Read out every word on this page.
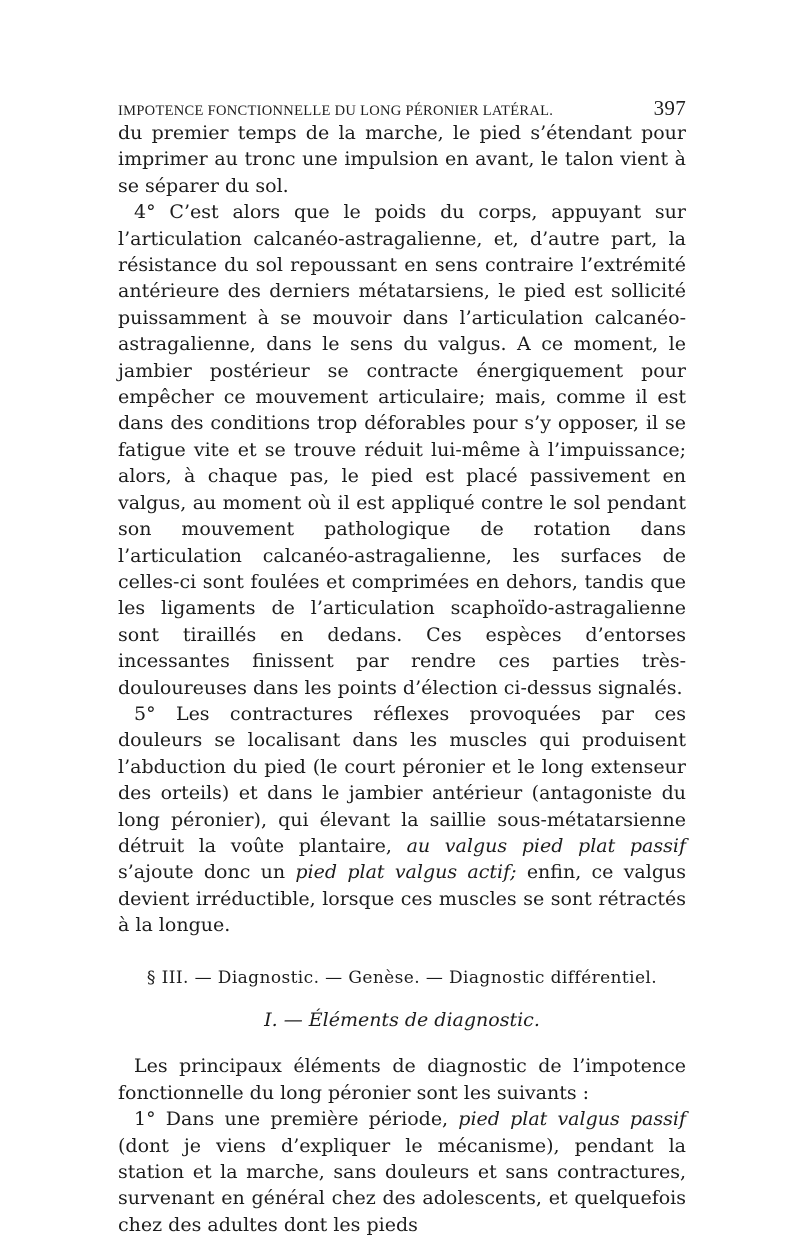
IMPOTENCE FONCTIONNELLE DU LONG PÉRONIER LATÉRAL.	397

du premier temps de la marche, le pied s’étendant pour imprimer au tronc une impulsion en avant, le talon vient à se séparer du sol.

4° C’est alors que le poids du corps, appuyant sur l’articulation calcanéo-astragalienne, et, d’autre part, la résistance du sol repoussant en sens contraire l’extrémité antérieure des derniers métatarsiens, le pied est sollicité puissamment à se mouvoir dans l’articulation calcanéo-astragalienne, dans le sens du valgus. A ce moment, le jambier postérieur se contracte énergiquement pour empêcher ce mouvement articulaire; mais, comme il est dans des conditions trop déforables pour s’y opposer, il se fatigue vite et se trouve réduit lui-même à l’impuissance; alors, à chaque pas, le pied est placé passivement en valgus, au moment où il est appliqué contre le sol pendant son mouvement pathologique de rotation dans l’articulation calcanéo-astragalienne, les surfaces de celles-ci sont foulées et comprimées en dehors, tandis que les ligaments de l’articulation scaphoïdo-astragalienne sont tiraillés en dedans. Ces espèces d’entorses incessantes finissent par rendre ces parties très-douloureuses dans les points d’élection ci-dessus signalés.

5° Les contractures réflexes provoquées par ces douleurs se localisant dans les muscles qui produisent l’abduction du pied (le court péronier et le long extenseur des orteils) et dans le jambier antérieur (antagoniste du long péronier), qui élevant la saillie sous-métatarsienne détruit la voûte plantaire, au valgus pied plat passif s’ajoute donc un pied plat valgus actif; enfin, ce valgus devient irréductible, lorsque ces muscles se sont rétractés à la longue.

§ III. — Diagnostic. — Genèse. — Diagnostic différentiel.
I. — Éléments de diagnostic.

Les principaux éléments de diagnostic de l’impotence fonctionnelle du long péronier sont les suivants :

1° Dans une première période, pied plat valgus passif (dont je viens d’expliquer le mécanisme), pendant la station et la marche, sans douleurs et sans contractures, survenant en général chez des adolescents, et quelquefois chez des adultes dont les pieds
